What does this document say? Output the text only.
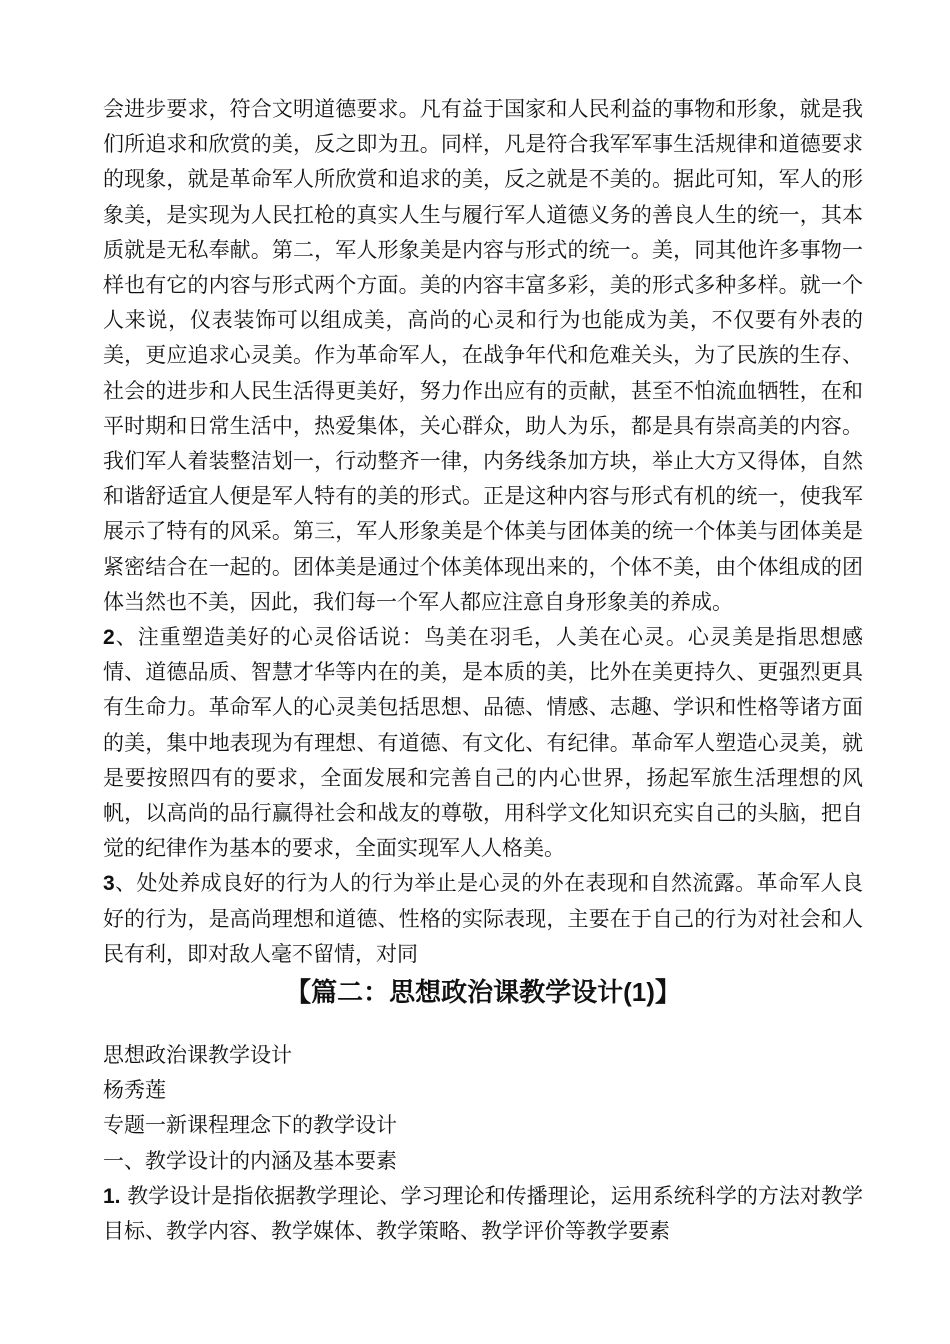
会进步要求，符合文明道德要求。凡有益于国家和人民利益的事物和形象，就是我们所追求和欣赏的美，反之即为丑。同样，凡是符合我军军事生活规律和道德要求的现象，就是革命军人所欣赏和追求的美，反之就是不美的。据此可知，军人的形象美，是实现为人民扛枪的真实人生与履行军人道德义务的善良人生的统一，其本质就是无私奉献。第二，军人形象美是内容与形式的统一。美，同其他许多事物一样也有它的内容与形式两个方面。美的内容丰富多彩，美的形式多种多样。就一个人来说，仪表装饰可以组成美，高尚的心灵和行为也能成为美，不仅要有外表的美，更应追求心灵美。作为革命军人，在战争年代和危难关头，为了民族的生存、社会的进步和人民生活得更美好，努力作出应有的贡献，甚至不怕流血牺牲，在和平时期和日常生活中，热爱集体，关心群众，助人为乐，都是具有崇高美的内容。我们军人着装整洁划一，行动整齐一律，内务线条加方块，举止大方又得体，自然和谐舒适宜人便是军人特有的美的形式。正是这种内容与形式有机的统一，使我军展示了特有的风采。第三，军人形象美是个体美与团体美的统一个体美与团体美是紧密结合在一起的。团体美是通过个体美体现出来的，个体不美，由个体组成的团体当然也不美，因此，我们每一个军人都应注意自身形象美的养成。

2、注重塑造美好的心灵俗话说：鸟美在羽毛，人美在心灵。心灵美是指思想感情、道德品质、智慧才华等内在的美，是本质的美，比外在美更持久、更强烈更具有生命力。革命军人的心灵美包括思想、品德、情感、志趣、学识和性格等诸方面的美，集中地表现为有理想、有道德、有文化、有纪律。革命军人塑造心灵美，就是要按照四有的要求，全面发展和完善自己的内心世界，扬起军旅生活理想的风帆，以高尚的品行赢得社会和战友的尊敬，用科学文化知识充实自己的头脑，把自觉的纪律作为基本的要求，全面实现军人人格美。

3、处处养成良好的行为人的行为举止是心灵的外在表现和自然流露。革命军人良好的行为，是高尚理想和道德、性格的实际表现，主要在于自己的行为对社会和人民有利，即对敌人毫不留情，对同

【篇二：思想政治课教学设计(1)】

思想政治课教学设计

杨秀莲

专题一新课程理念下的教学设计

一、教学设计的内涵及基本要素

1. 教学设计是指依据教学理论、学习理论和传播理论，运用系统科学的方法对教学目标、教学内容、教学媒体、教学策略、教学评价等教学要素
